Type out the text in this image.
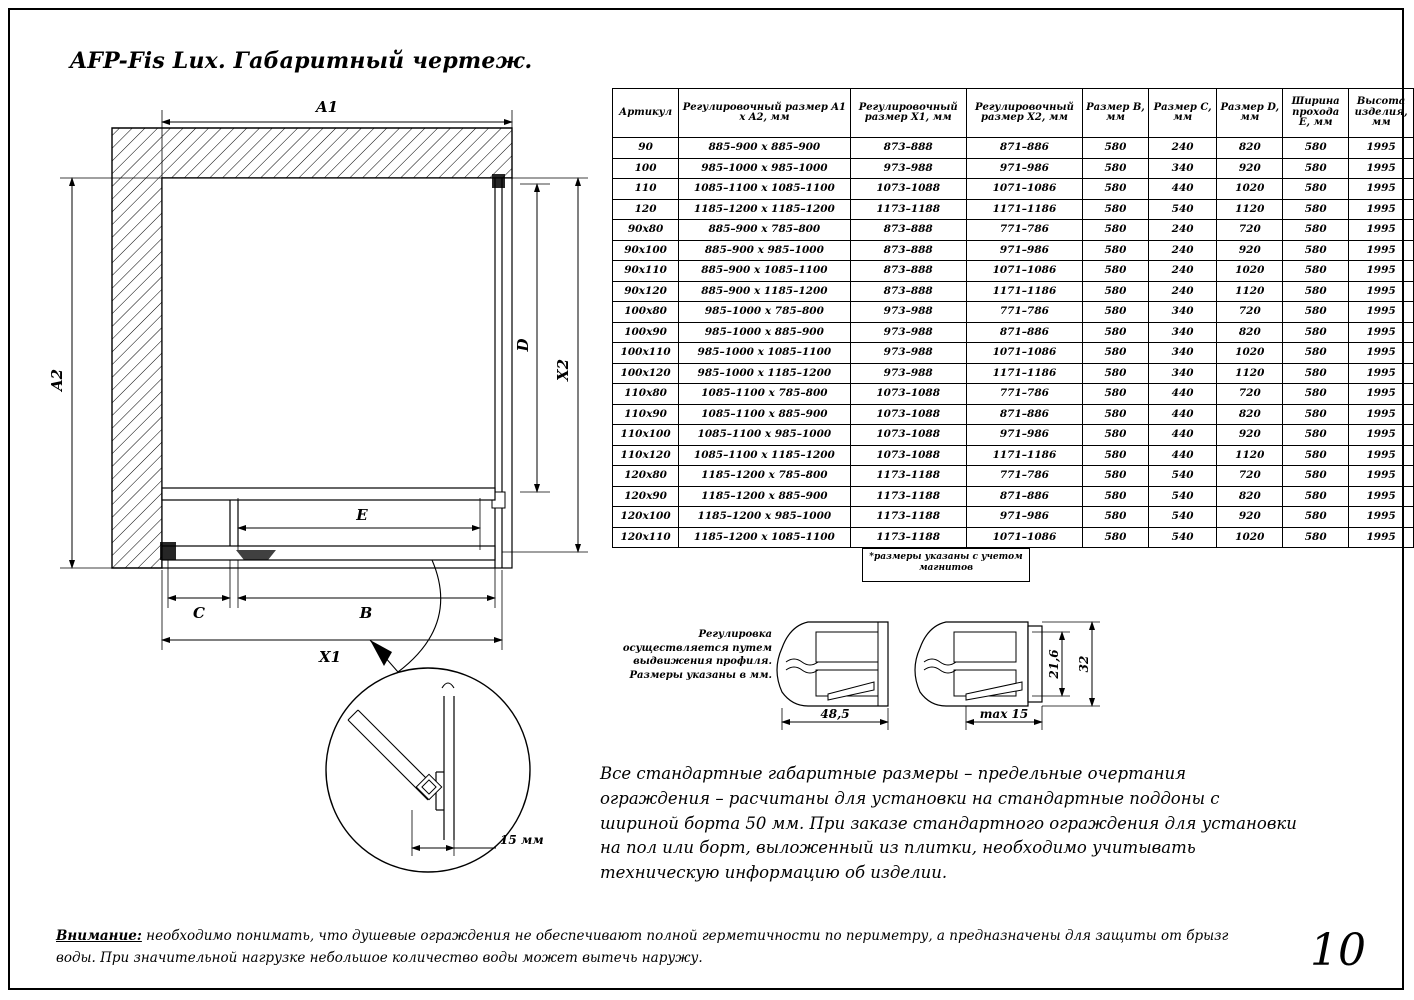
AFP-Fis Lux. Габаритный чертеж.
A1
X1
B
C
E
A2	X2
D
15 мм
Регулировка осуществляется путем выдвижения профиля. Размеры указаны в мм.
48,5
21,6 32
max 15
Артикул	Регулировочный размер A1 x A2, мм	Регулировочный размер X1, мм	Регулировочный размер X2, мм	Размер B, мм	Размер C, мм	Размер D, мм	Ширина прохода E, мм	Высота изделия, мм
90	885–900 x 885–900	873–888	871–886	580	240	820	580	1995
100	985–1000 x 985–1000	973–988	971–986	580	340	920	580	1995
110	1085–1100 x 1085–1100	1073–1088	1071–1086	580	440	1020	580	1995
120	1185–1200 x 1185–1200	1173–1188	1171–1186	580	540	1120	580	1995
90x80	885–900 x 785–800	873–888	771–786	580	240	720	580	1995
90x100	885–900 x 985–1000	873–888	971–986	580	240	920	580	1995
90x110	885–900 x 1085–1100	873–888	1071–1086	580	240	1020	580	1995
90x120	885–900 x 1185–1200	873–888	1171–1186	580	240	1120	580	1995
100x80	985–1000 x 785–800	973–988	771–786	580	340	720	580	1995
100x90	985–1000 x 885–900	973–988	871–886	580	340	820	580	1995
100x110	985–1000 x 1085–1100	973–988	1071–1086	580	340	1020	580	1995
100x120	985–1000 x 1185–1200	973–988	1171–1186	580	340	1120	580	1995
110x80	1085–1100 x 785–800	1073–1088	771–786	580	440	720	580	1995
110x90	1085–1100 x 885–900	1073–1088	871–886	580	440	820	580	1995
110x100	1085–1100 x 985–1000	1073–1088	971–986	580	440	920	580	1995
110x120	1085–1100 x 1185–1200	1073–1088	1171–1186	580	440	1120	580	1995
120x80	1185–1200 x 785–800	1173–1188	771–786	580	540	720	580	1995
120x90	1185–1200 x 885–900	1173–1188	871–886	580	540	820	580	1995
120x100	1185–1200 x 985–1000	1173–1188	971–986	580	540	920	580	1995
120x110	1185–1200 x 1085–1100	1173–1188	1071–1086	580	540	1020	580	1995
*размеры указаны с учетом магнитов
Все стандартные габаритные размеры – предельные очертания ограждения – расчитаны для установки на стандартные поддоны с шириной борта 50 мм. При заказе стандартного ограждения для установки на пол или борт, выложенный из плитки, необходимо учитывать техническую информацию об изделии.
Внимание: необходимо понимать, что душевые ограждения не обеспечивают полной герметичности по периметру, а предназначены для защиты от брызг воды. При значительной нагрузке небольшое количество воды может вытечь наружу.	10
